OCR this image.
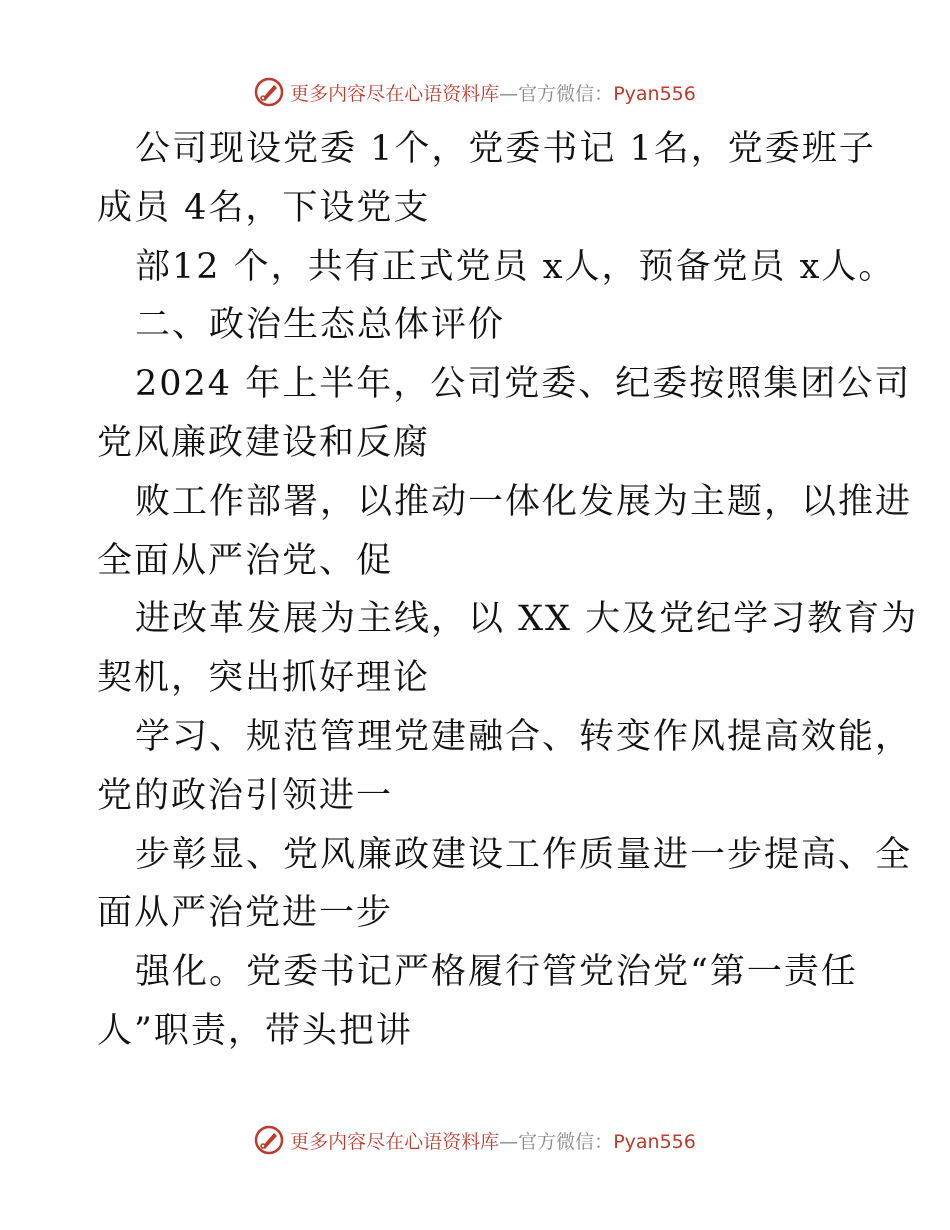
更多内容尽在心语资料库—官方微信：Pyan556
公司现设党委 1个，党委书记 1名，党委班子
成员 4名，下设党支
部12 个，共有正式党员 x人，预备党员 x人。
二、政治生态总体评价
2024 年上半年，公司党委、纪委按照集团公司
党风廉政建设和反腐
败工作部署，以推动一体化发展为主题，以推进
全面从严治党、促
进改革发展为主线，以 XX 大及党纪学习教育为
契机，突出抓好理论
学习、规范管理党建融合、转变作风提高效能，
党的政治引领进一
步彰显、党风廉政建设工作质量进一步提高、全
面从严治党进一步
强化。党委书记严格履行管党治党“第一责任
人”职责，带头把讲
更多内容尽在心语资料库—官方微信：Pyan556
